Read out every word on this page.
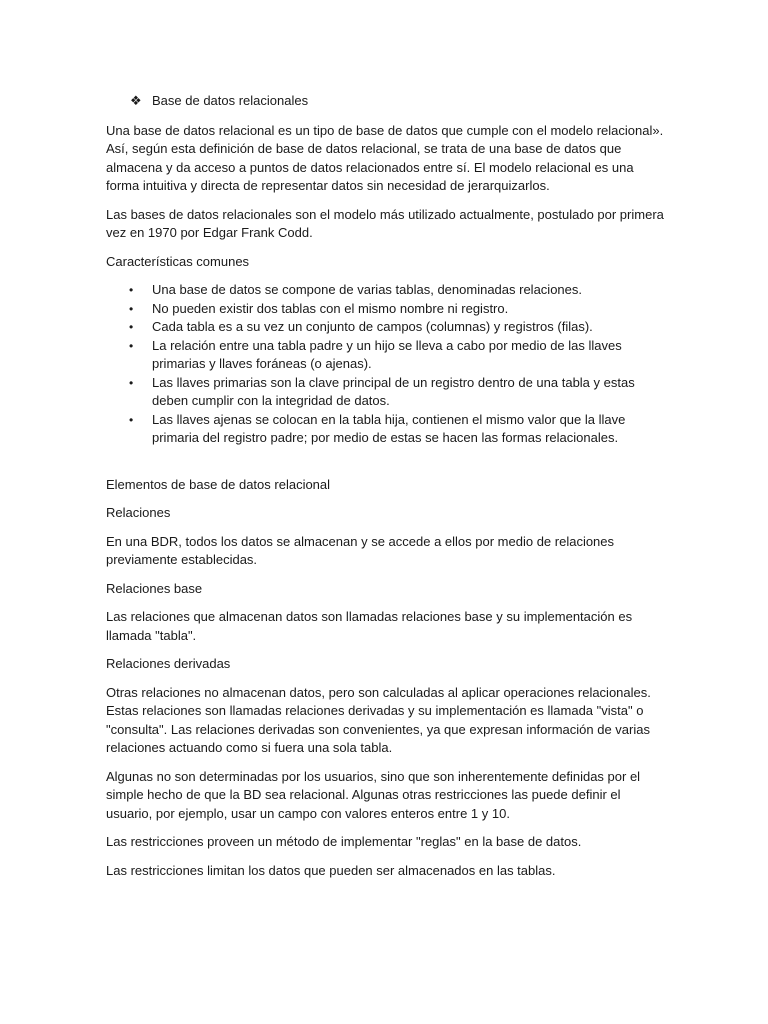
❖ Base de datos relacionales

Una base de datos relacional es un tipo de base de datos que cumple con el modelo relacional». Así, según esta definición de base de datos relacional, se trata de una base de datos que almacena y da acceso a puntos de datos relacionados entre sí. El modelo relacional es una forma intuitiva y directa de representar datos sin necesidad de jerarquizarlos.

Las bases de datos relacionales son el modelo más utilizado actualmente, postulado por primera vez en 1970 por Edgar Frank Codd.

Características comunes

• Una base de datos se compone de varias tablas, denominadas relaciones.
• No pueden existir dos tablas con el mismo nombre ni registro.
• Cada tabla es a su vez un conjunto de campos (columnas) y registros (filas).
• La relación entre una tabla padre y un hijo se lleva a cabo por medio de las llaves primarias y llaves foráneas (o ajenas).
• Las llaves primarias son la clave principal de un registro dentro de una tabla y estas deben cumplir con la integridad de datos.
• Las llaves ajenas se colocan en la tabla hija, contienen el mismo valor que la llave primaria del registro padre; por medio de estas se hacen las formas relacionales.

Elementos de base de datos relacional

Relaciones

En una BDR, todos los datos se almacenan y se accede a ellos por medio de relaciones previamente establecidas.

Relaciones base

Las relaciones que almacenan datos son llamadas relaciones base y su implementación es llamada "tabla".

Relaciones derivadas

Otras relaciones no almacenan datos, pero son calculadas al aplicar operaciones relacionales. Estas relaciones son llamadas relaciones derivadas y su implementación es llamada "vista" o "consulta". Las relaciones derivadas son convenientes, ya que expresan información de varias relaciones actuando como si fuera una sola tabla.

Algunas no son determinadas por los usuarios, sino que son inherentemente definidas por el simple hecho de que la BD sea relacional. Algunas otras restricciones las puede definir el usuario, por ejemplo, usar un campo con valores enteros entre 1 y 10.

Las restricciones proveen un método de implementar "reglas" en la base de datos.

Las restricciones limitan los datos que pueden ser almacenados en las tablas.
